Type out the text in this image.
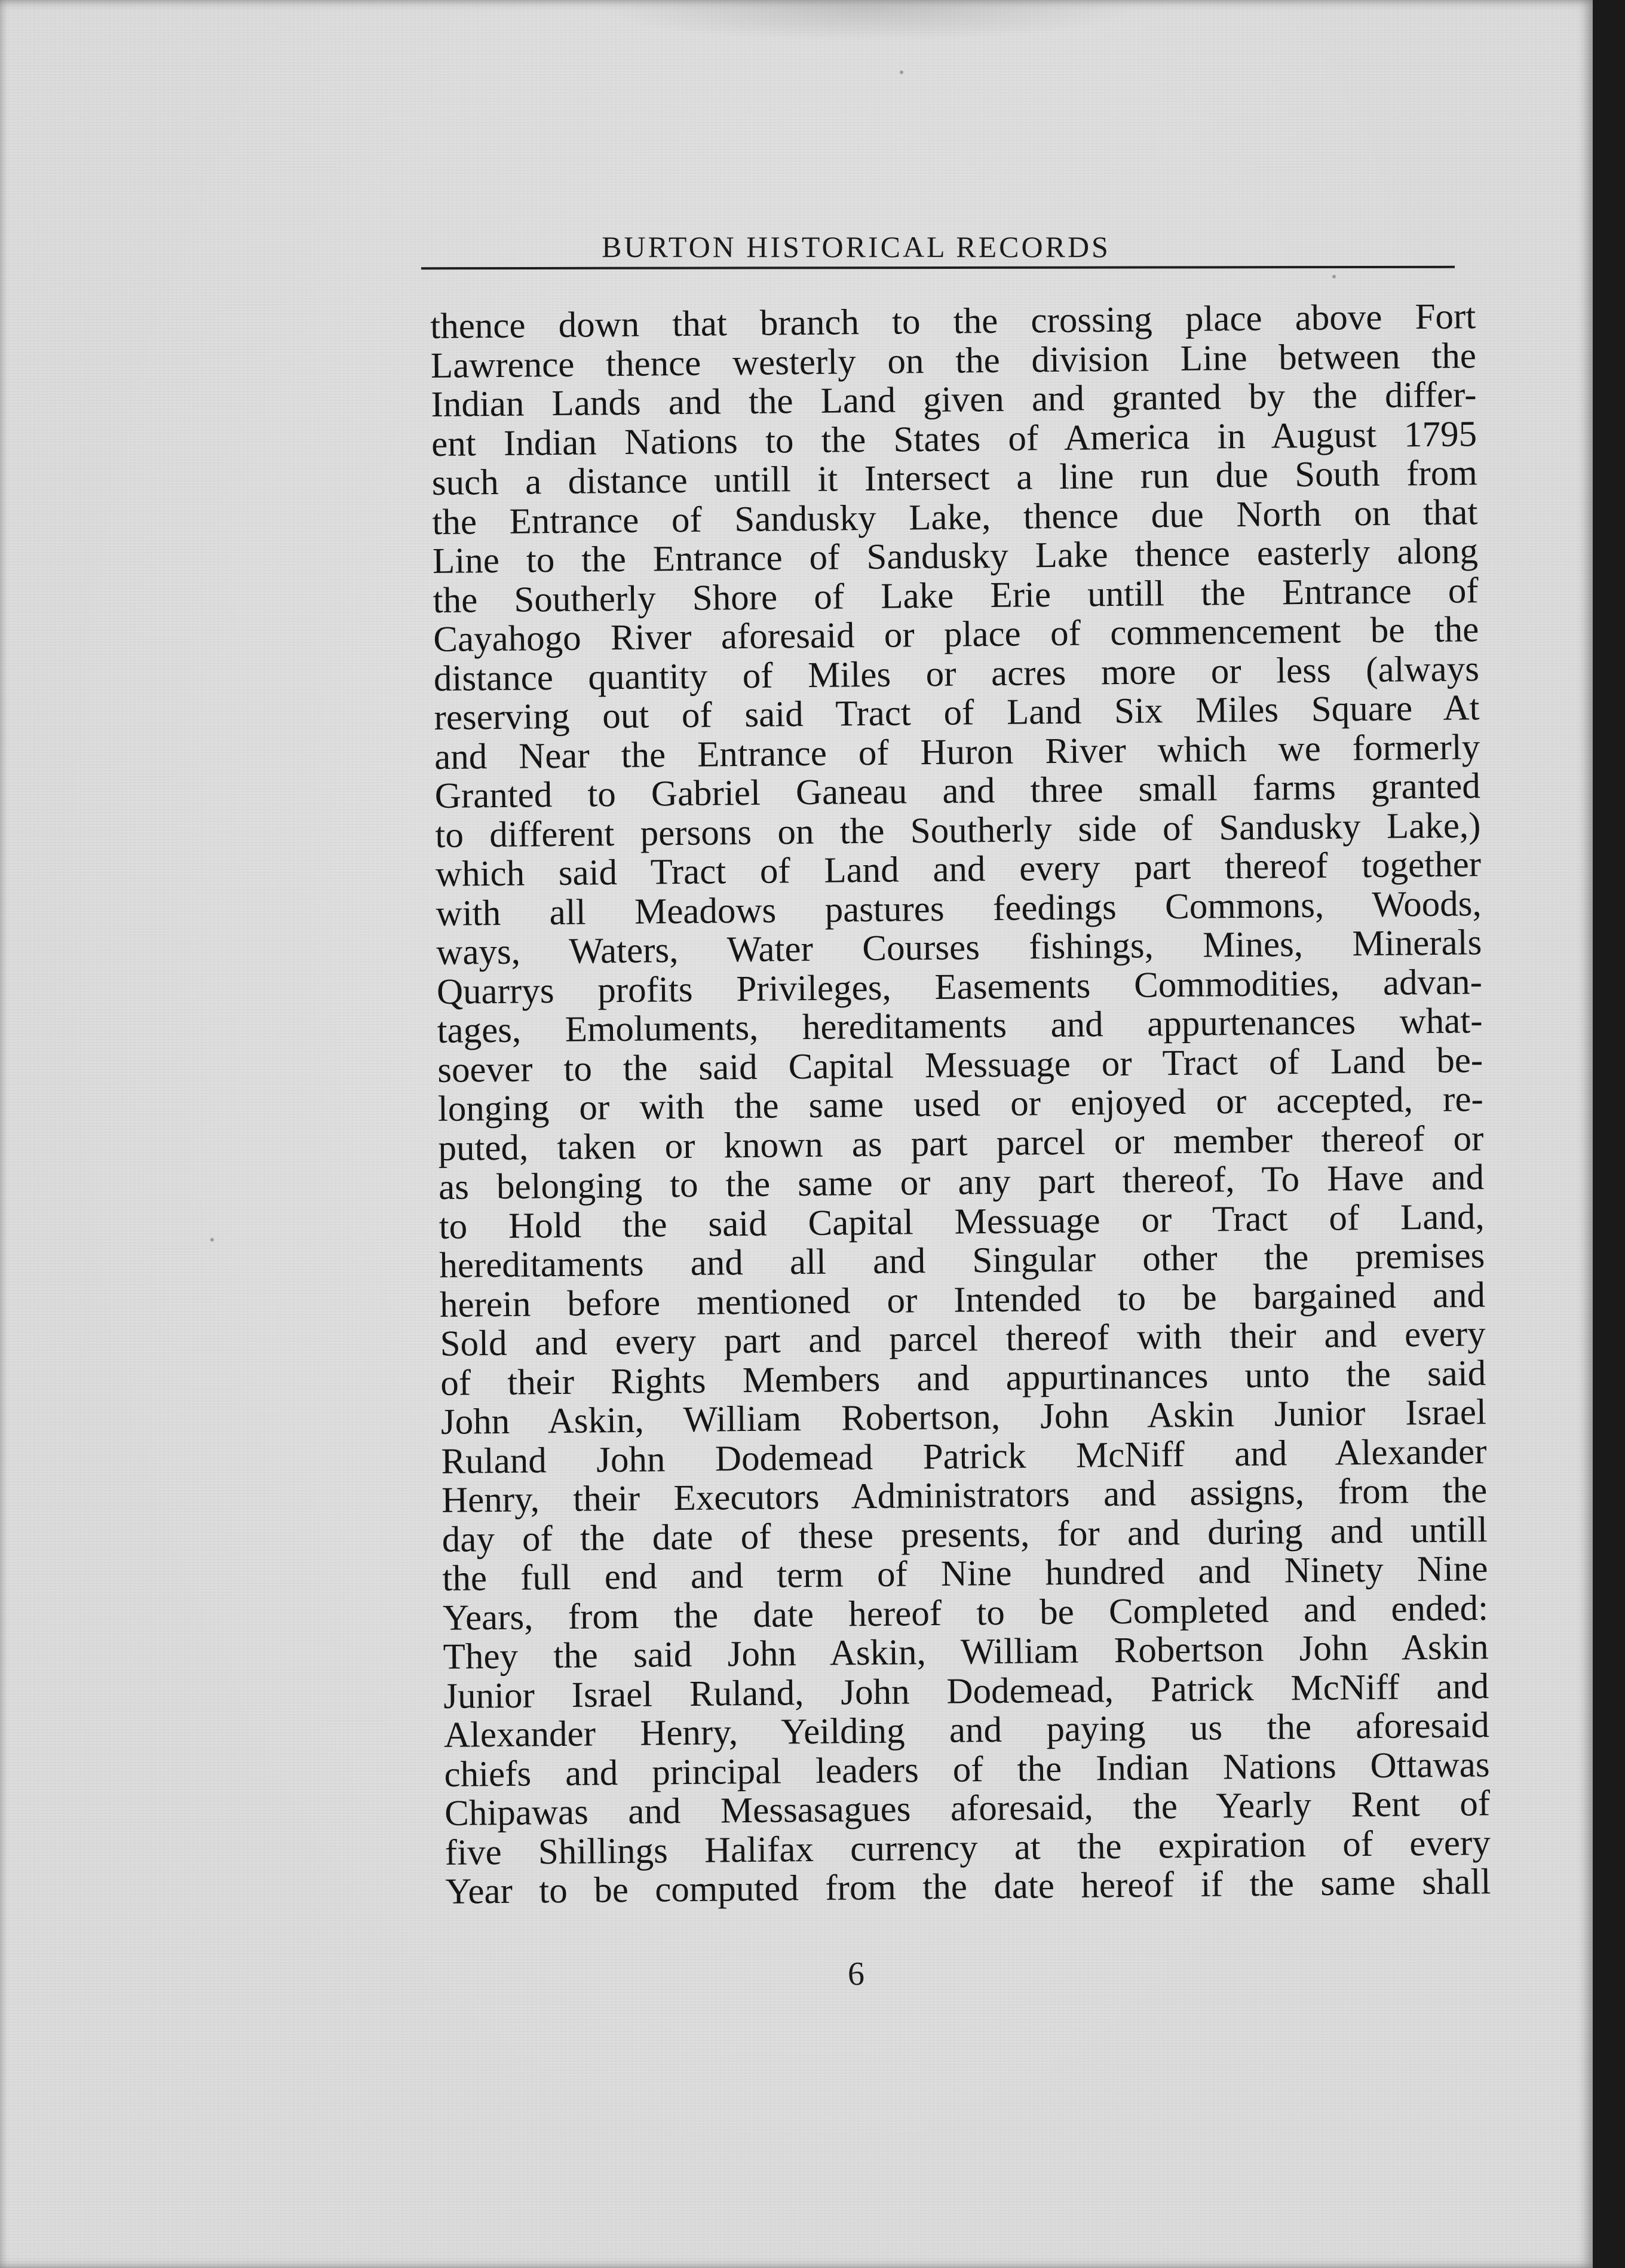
BURTON HISTORICAL RECORDS
thence down that branch to the crossing place above Fort
Lawrence thence westerly on the division Line between the
Indian Lands and the Land given and granted by the differ-
ent Indian Nations to the States of America in August 1795
such a distance untill it Intersect a line run due South from
the Entrance of Sandusky Lake, thence due North on that
Line to the Entrance of Sandusky Lake thence easterly along
the Southerly Shore of Lake Erie untill the Entrance of
Cayahogo River aforesaid or place of commencement be the
distance quantity of Miles or acres more or less (always
reserving out of said Tract of Land Six Miles Square At
and Near the Entrance of Huron River which we formerly
Granted to Gabriel Ganeau and three small farms granted
to different persons on the Southerly side of Sandusky Lake,)
which said Tract of Land and every part thereof together
with all Meadows pastures feedings Commons, Woods,
ways, Waters, Water Courses fishings, Mines, Minerals
Quarrys profits Privileges, Easements Commodities, advan-
tages, Emoluments, hereditaments and appurtenances what-
soever to the said Capital Messuage or Tract of Land be-
longing or with the same used or enjoyed or accepted, re-
puted, taken or known as part parcel or member thereof or
as belonging to the same or any part thereof, To Have and
to Hold the said Capital Messuage or Tract of Land,
hereditaments and all and Singular other the premises
herein before mentioned or Intended to be bargained and
Sold and every part and parcel thereof with their and every
of their Rights Members and appurtinances unto the said
John Askin, William Robertson, John Askin Junior Israel
Ruland John Dodemead Patrick McNiff and Alexander
Henry, their Executors Administrators and assigns, from the
day of the date of these presents, for and during and untill
the full end and term of Nine hundred and Ninety Nine
Years, from the date hereof to be Completed and ended:
They the said John Askin, William Robertson John Askin
Junior Israel Ruland, John Dodemead, Patrick McNiff and
Alexander Henry, Yeilding and paying us the aforesaid
chiefs and principal leaders of the Indian Nations Ottawas
Chipawas and Messasagues aforesaid, the Yearly Rent of
five Shillings Halifax currency at the expiration of every
Year to be computed from the date hereof if the same shall
6
